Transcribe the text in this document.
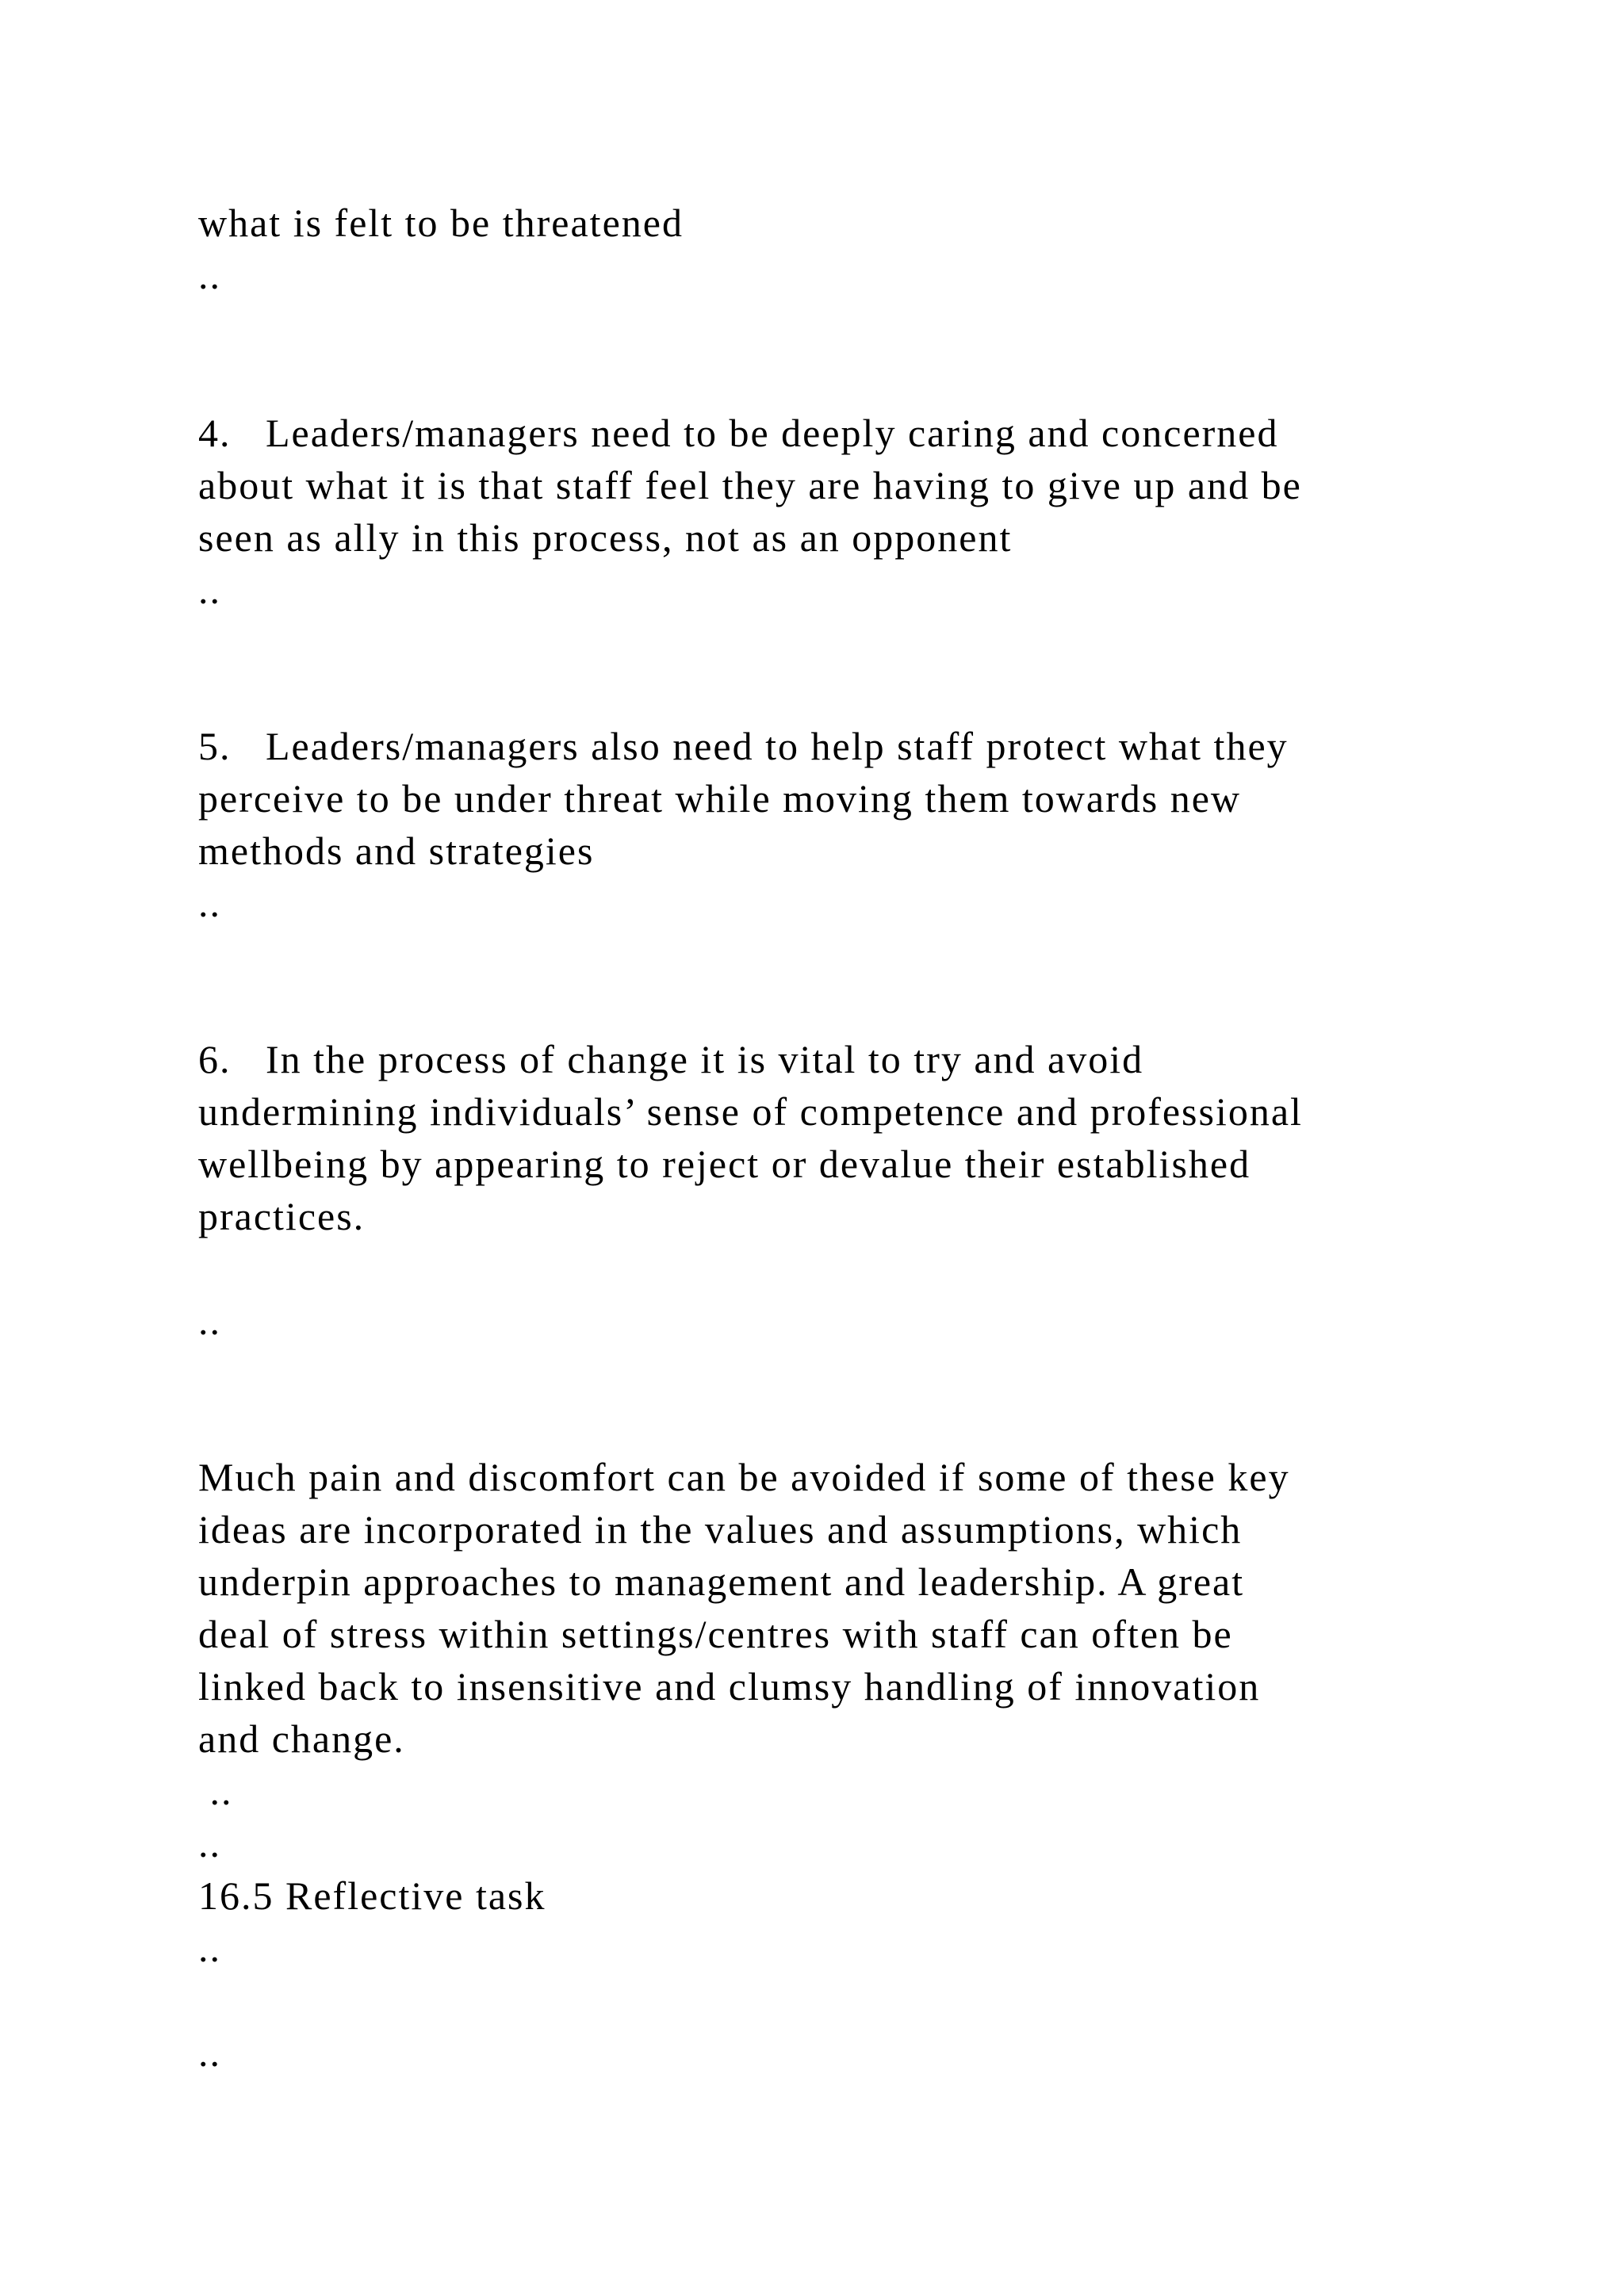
what is felt to be threatened
..
4.   Leaders/managers need to be deeply caring and concerned
about what it is that staff feel they are having to give up and be
seen as ally in this process, not as an opponent
..
5.   Leaders/managers also need to help staff protect what they
perceive to be under threat while moving them towards new
methods and strategies
..
6.   In the process of change it is vital to try and avoid
undermining individuals’ sense of competence and professional
wellbeing by appearing to reject or devalue their established
practices.
..
Much pain and discomfort can be avoided if some of these key
ideas are incorporated in the values and assumptions, which
underpin approaches to management and leadership. A great
deal of stress within settings/centres with staff can often be
linked back to insensitive and clumsy handling of innovation
and change.
..
..
16.5 Reflective task
..
..
